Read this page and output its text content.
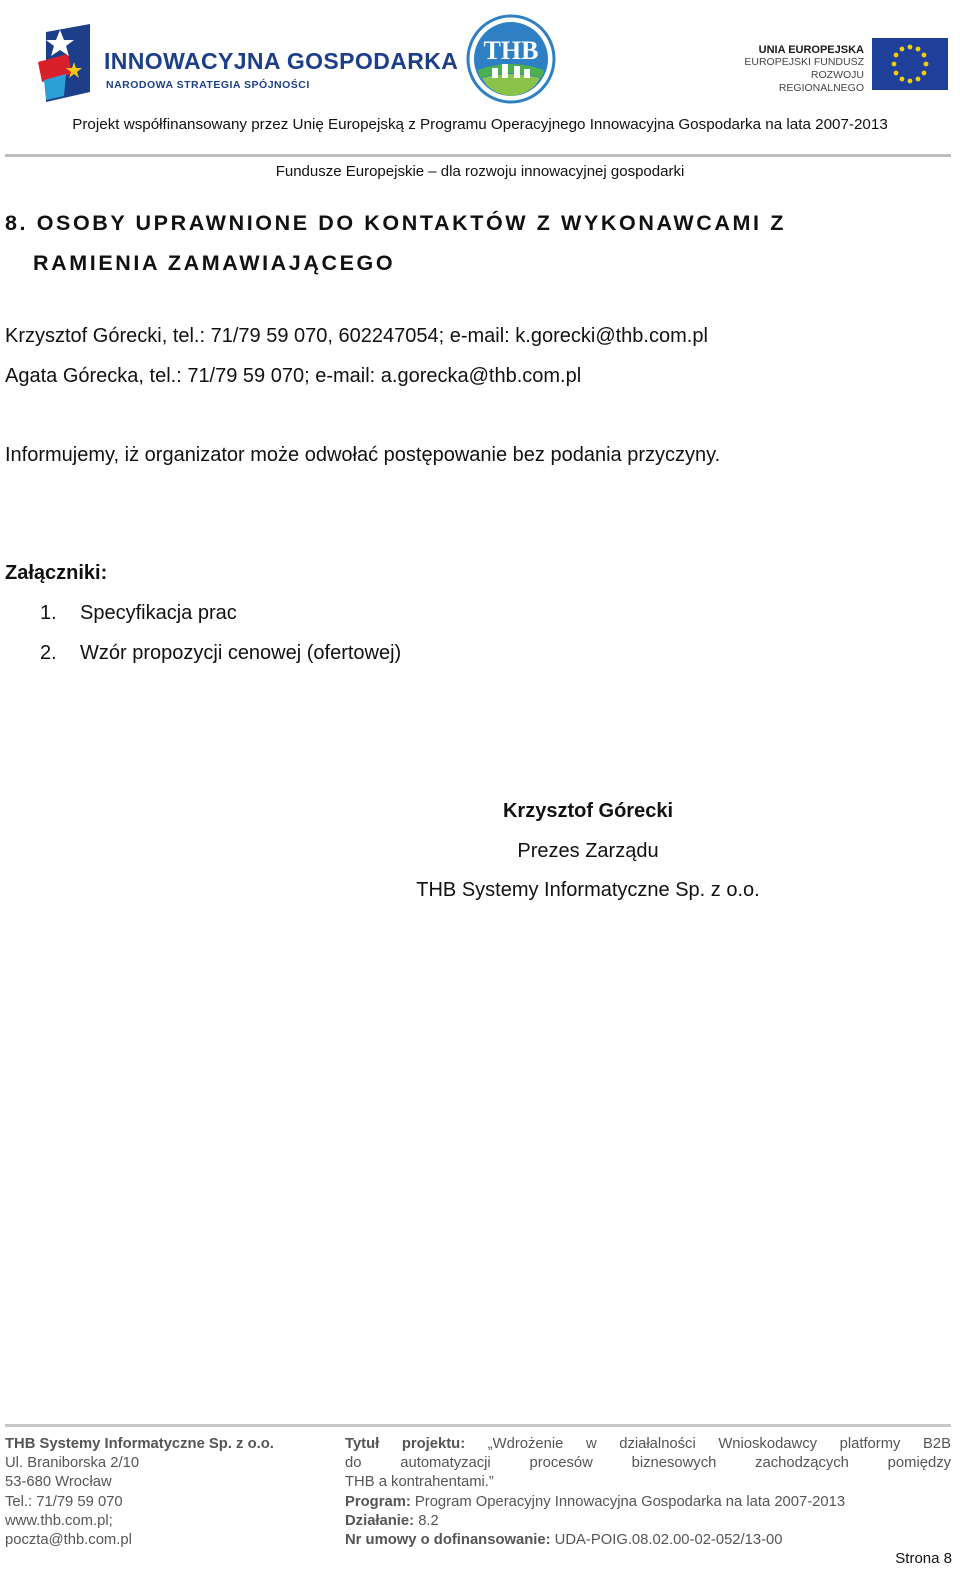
INNOWACYJNA GOSPODARKA
NARODOWA STRATEGIA SPÓJNOŚCI
THB	UNIA EUROPEJSKA
EUROPEJSKI FUNDUSZ
ROZWOJU REGIONALNEGO
Projekt współfinansowany przez Unię Europejską z Programu Operacyjnego Innowacyjna Gospodarka na lata 2007-2013
Fundusze Europejskie – dla rozwoju innowacyjnej gospodarki
8. OSOBY UPRAWNIONE DO KONTAKTÓW Z WYKONAWCAMI Z
RAMIENIA ZAMAWIAJĄCEGO
Krzysztof Górecki, tel.: 71/79 59 070, 602247054; e-mail: k.gorecki@thb.com.pl
Agata Górecka, tel.: 71/79 59 070; e-mail: a.gorecka@thb.com.pl
Informujemy, iż organizator może odwołać postępowanie bez podania przyczyny.
Załączniki:
1. Specyfikacja prac
2. Wzór propozycji cenowej (ofertowej)
Krzysztof Górecki
Prezes Zarządu
THB Systemy Informatyczne Sp. z o.o.
THB Systemy Informatyczne Sp. z o.o.
Ul. Braniborska 2/10
53-680 Wrocław
Tel.: 71/79 59 070
www.thb.com.pl;
poczta@thb.com.pl
Tytuł projektu: „Wdrożenie w działalności Wnioskodawcy platformy B2B
do automatyzacji procesów biznesowych zachodzących pomiędzy
THB a kontrahentami.”
Program: Program Operacyjny Innowacyjna Gospodarka na lata 2007-2013
Działanie: 8.2
Nr umowy o dofinansowanie: UDA-POIG.08.02.00-02-052/13-00
Strona 8
